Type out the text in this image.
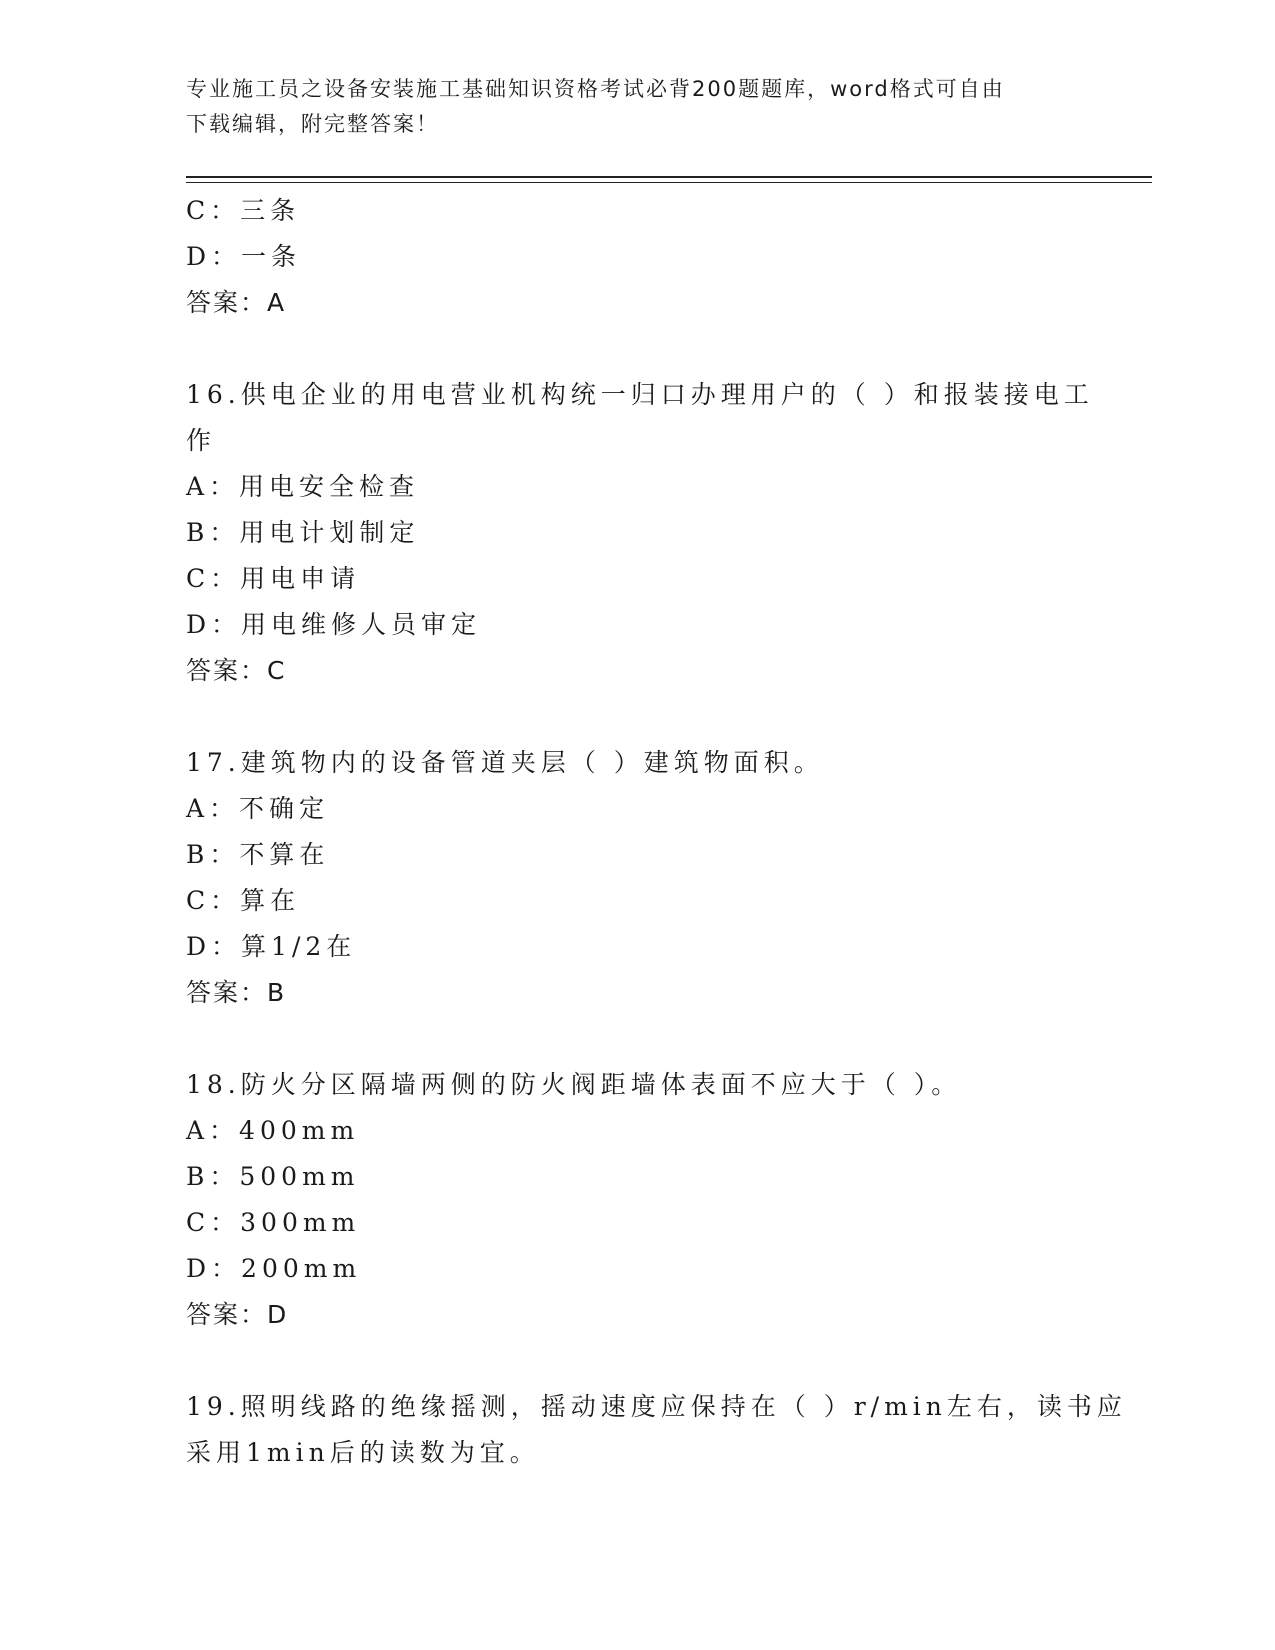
专业施工员之设备安装施工基础知识资格考试必背200题题库，word格式可自由
下载编辑，附完整答案！
C：三条
D：一条
答案：A
16.供电企业的用电营业机构统一归口办理用户的（ ）和报装接电工
作
A：用电安全检查
B：用电计划制定
C：用电申请
D：用电维修人员审定
答案：C
17.建筑物内的设备管道夹层（ ）建筑物面积。
A：不确定
B：不算在
C：算在
D：算1/2在
答案：B
18.防火分区隔墙两侧的防火阀距墙体表面不应大于（ ）。
A：400mm
B：500mm
C：300mm
D：200mm
答案：D
19.照明线路的绝缘摇测，摇动速度应保持在（ ）r/min左右，读书应
采用1min后的读数为宜。
